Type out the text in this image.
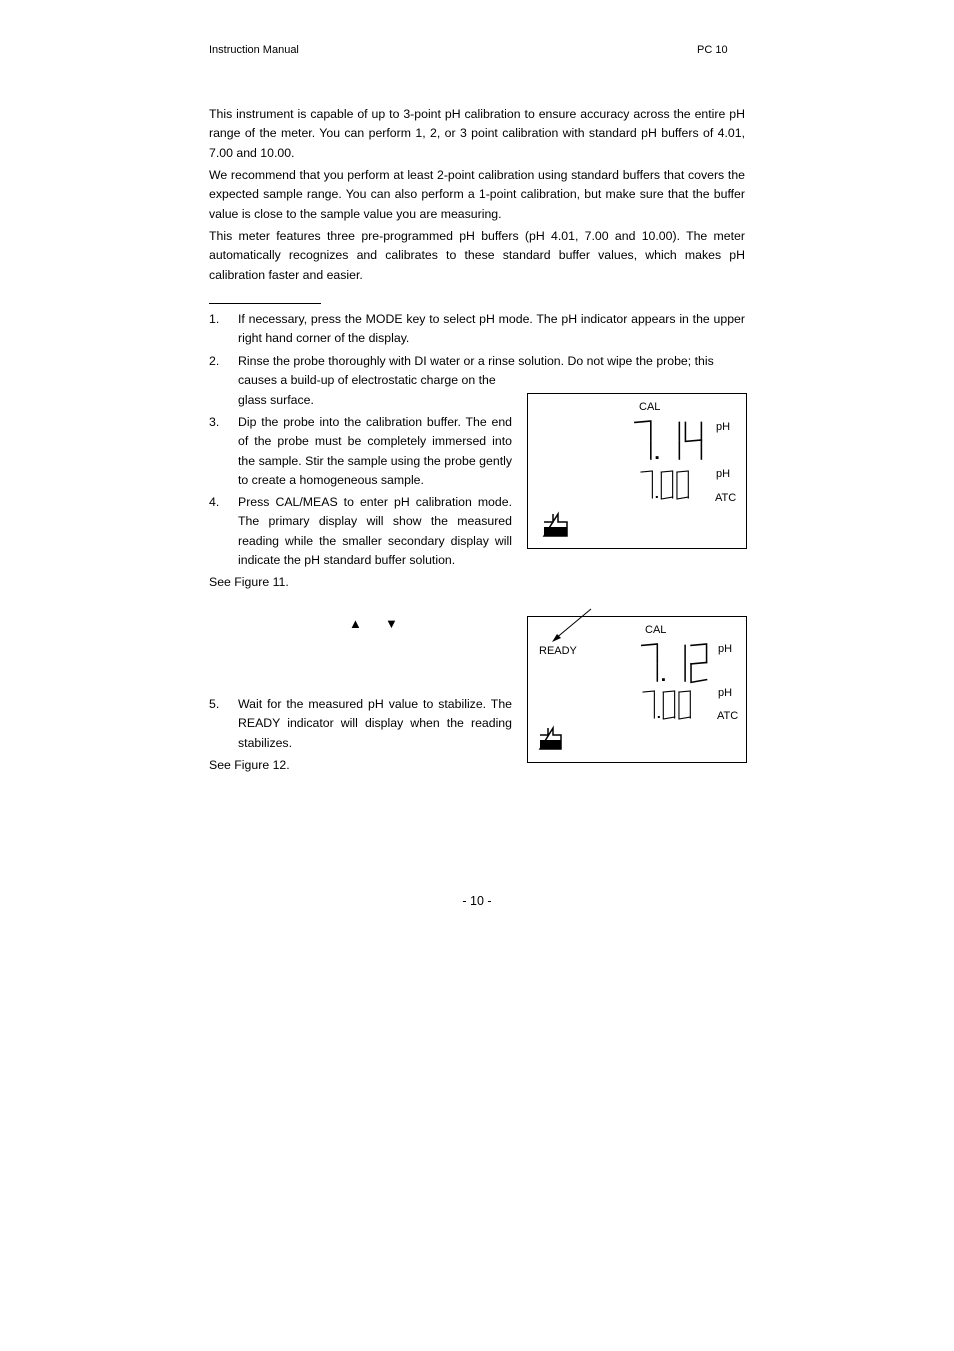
Instruction Manual	PC 10

This instrument is capable of up to 3-point pH calibration to ensure accuracy across the entire pH range of the meter. You can perform 1, 2, or 3 point calibration with standard pH buffers of 4.01, 7.00 and 10.00.

We recommend that you perform at least 2-point calibration using standard buffers that covers the expected sample range. You can also perform a 1-point calibration, but make sure that the buffer value is close to the sample value you are measuring.

This meter features three pre-programmed pH buffers (pH 4.01, 7.00 and 10.00). The meter automatically recognizes and calibrates to these standard buffer values, which makes pH calibration faster and easier.

1.	If necessary, press the MODE key to select pH mode. The pH indicator appears in the upper right hand corner of the display.

2.	Rinse the probe thoroughly with DI water or a rinse solution. Do not wipe the probe; this
causes a build-up of electrostatic charge on the
glass surface.
3.	Dip the probe into the calibration buffer. The end of the probe must be completely immersed into the sample. Stir the sample using the probe gently to create a homogeneous sample.

4.	Press CAL/MEAS to enter pH calibration mode. The primary display will show the measured reading while the smaller secondary display will indicate the pH standard buffer solution.

See Figure 11.
▲ ▼
5.	Wait for the measured pH value to stabilize. The READY indicator will display when the reading stabilizes.

See Figure 12.
CAL
pH
pH
ATC
CAL
READY	pH
pH
ATC
- 10 -
